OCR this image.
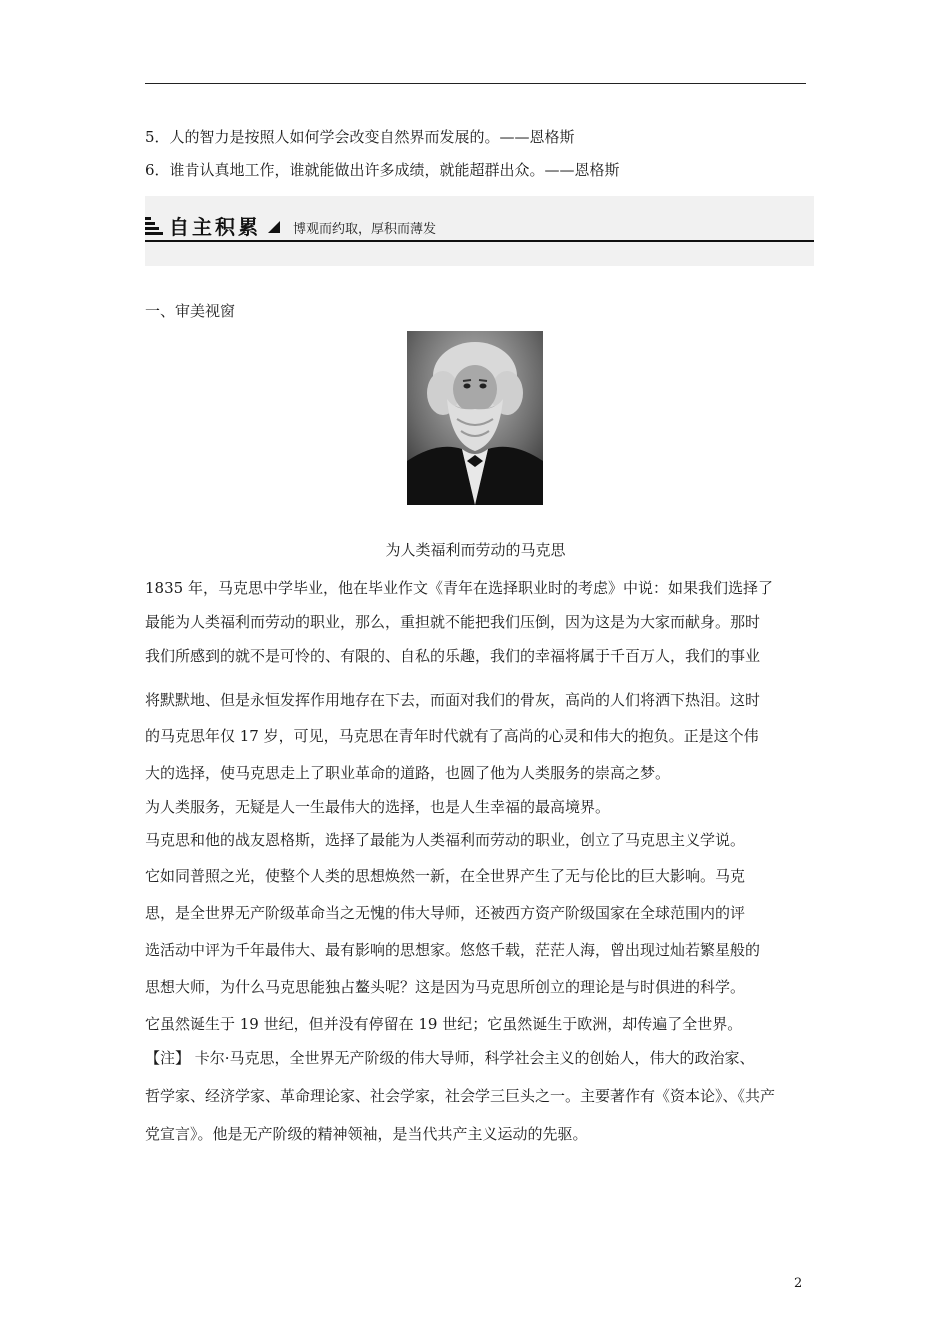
5．人的智力是按照人如何学会改变自然界而发展的。——恩格斯
6．谁肯认真地工作，谁就能做出许多成绩，就能超群出众。——恩格斯
自主积累 博观而约取，厚积而薄发
一、审美视窗
为人类福利而劳动的马克思
1835 年，马克思中学毕业，他在毕业作文《青年在选择职业时的考虑》中说：如果我们选择了
最能为人类福利而劳动的职业，那么，重担就不能把我们压倒，因为这是为大家而献身。那时
我们所感到的就不是可怜的、有限的、自私的乐趣，我们的幸福将属于千百万人，我们的事业
将默默地、但是永恒发挥作用地存在下去，而面对我们的骨灰，高尚的人们将洒下热泪。这时
的马克思年仅 17 岁，可见，马克思在青年时代就有了高尚的心灵和伟大的抱负。正是这个伟
大的选择，使马克思走上了职业革命的道路，也圆了他为人类服务的崇高之梦。
为人类服务，无疑是人一生最伟大的选择，也是人生幸福的最高境界。
马克思和他的战友恩格斯，选择了最能为人类福利而劳动的职业，创立了马克思主义学说。
它如同普照之光，使整个人类的思想焕然一新，在全世界产生了无与伦比的巨大影响。马克
思，是全世界无产阶级革命当之无愧的伟大导师，还被西方资产阶级国家在全球范围内的评
选活动中评为千年最伟大、最有影响的思想家。悠悠千载，茫茫人海，曾出现过灿若繁星般的
思想大师，为什么马克思能独占鳌头呢？这是因为马克思所创立的理论是与时俱进的科学。
它虽然诞生于 19 世纪，但并没有停留在 19 世纪；它虽然诞生于欧洲，却传遍了全世界。
【注】 卡尔·马克思，全世界无产阶级的伟大导师，科学社会主义的创始人，伟大的政治家、
哲学家、经济学家、革命理论家、社会学家，社会学三巨头之一。主要著作有《资本论》、《共产
党宣言》。他是无产阶级的精神领袖，是当代共产主义运动的先驱。
2
